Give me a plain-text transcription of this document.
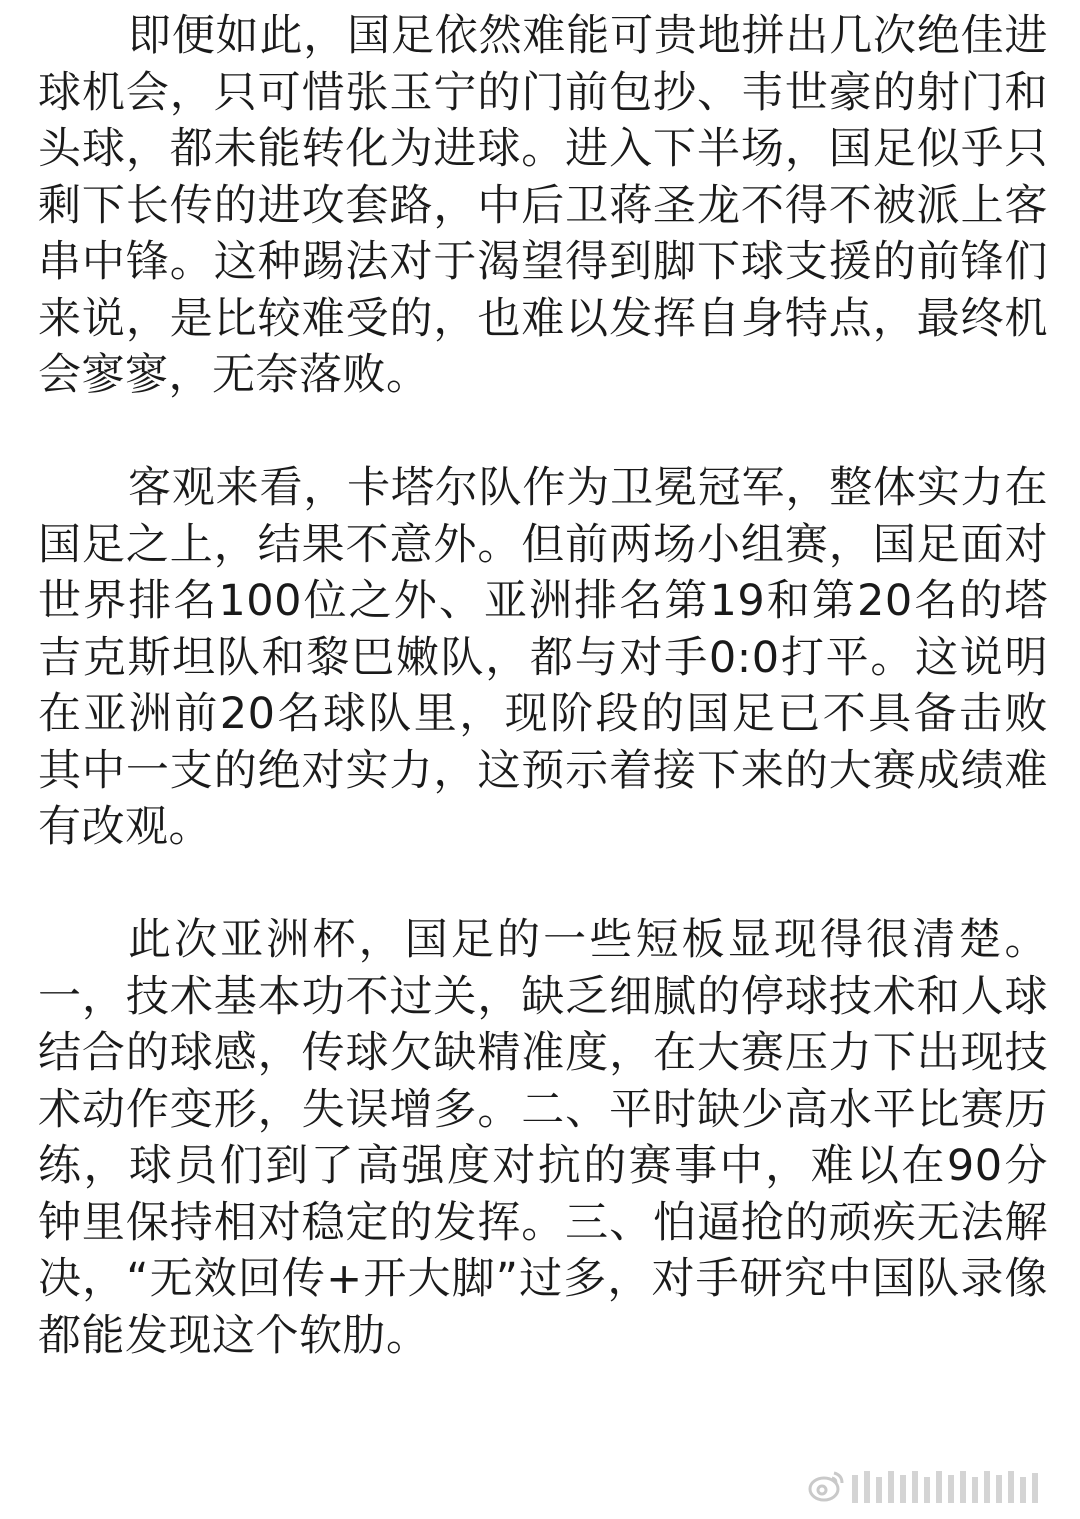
即便如此，国足依然难能可贵地拼出几次绝佳进球机会，只可惜张玉宁的门前包抄、韦世豪的射门和头球，都未能转化为进球。进入下半场，国足似乎只剩下长传的进攻套路，中后卫蒋圣龙不得不被派上客串中锋。这种踢法对于渴望得到脚下球支援的前锋们来说，是比较难受的，也难以发挥自身特点，最终机会寥寥，无奈落败。

客观来看，卡塔尔队作为卫冕冠军，整体实力在国足之上，结果不意外。但前两场小组赛，国足面对世界排名100位之外、亚洲排名第19和第20名的塔吉克斯坦队和黎巴嫩队，都与对手0:0打平。这说明在亚洲前20名球队里，现阶段的国足已不具备击败其中一支的绝对实力，这预示着接下来的大赛成绩难有改观。

此次亚洲杯，国足的一些短板显现得很清楚。一，技术基本功不过关，缺乏细腻的停球技术和人球结合的球感，传球欠缺精准度，在大赛压力下出现技术动作变形，失误增多。二、平时缺少高水平比赛历练，球员们到了高强度对抗的赛事中，难以在90分钟里保持相对稳定的发挥。三、怕逼抢的顽疾无法解决，“无效回传+开大脚”过多，对手研究中国队录像都能发现这个软肋。
